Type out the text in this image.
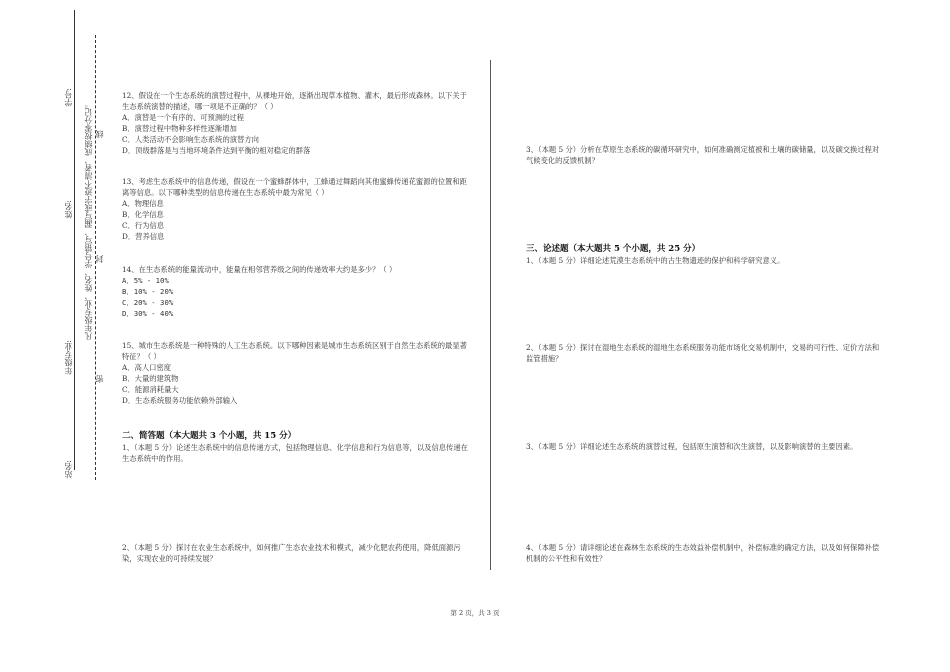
学号:
姓名:
年级专业:
站名:
凡年级专业、姓名、学号错写、漏写或字迹不清者，成绩按零分记。 线
封
密
12、假设在一个生态系统的演替过程中，从裸地开始，逐渐出现草本植物、灌木，最后形成森林。以下关于生态系统演替的描述，哪一项是不正确的？（ ）
A．演替是一个有序的、可预测的过程
B．演替过程中物种多样性逐渐增加
C．人类活动不会影响生态系统的演替方向
D．顶级群落是与当地环境条件达到平衡的相对稳定的群落
13、考虑生态系统中的信息传递，假设在一个蜜蜂群体中，工蜂通过舞蹈向其他蜜蜂传递花蜜源的位置和距离等信息。以下哪种类型的信息传递在生态系统中最为常见（ ）
A．物理信息
B．化学信息
C．行为信息
D．营养信息
14、在生态系统的能量流动中，能量在相邻营养级之间的传递效率大约是多少？（ ）
A．5% - 10%
B．10% - 20%
C．20% - 30%
D．30% - 40%
15、城市生态系统是一种特殊的人工生态系统。以下哪种因素是城市生态系统区别于自然生态系统的最显著特征？（ ）
A．高人口密度
B．大量的建筑物
C．能源消耗量大
D．生态系统服务功能依赖外部输入
二、简答题（本大题共 3 个小题，共 15 分）
1、（本题 5 分）论述生态系统中的信息传递方式，包括物理信息、化学信息和行为信息等，以及信息传递在生态系统中的作用。
2、（本题 5 分）探讨在农业生态系统中，如何推广生态农业技术和模式，减少化肥农药使用，降低面源污染，实现农业的可持续发展？
3、（本题 5 分）分析在草原生态系统的碳循环研究中，如何准确测定植被和土壤的碳储量，以及碳交换过程对气候变化的反馈机制？
三、论述题（本大题共 5 个小题，共 25 分）
1、（本题 5 分）详细论述荒漠生态系统中的古生物遗迹的保护和科学研究意义。
2、（本题 5 分）探讨在湿地生态系统的湿地生态系统服务功能市场化交易机制中，交易的可行性、定价方法和监管措施？
3、（本题 5 分）详细论述生态系统的演替过程，包括原生演替和次生演替，以及影响演替的主要因素。
4、（本题 5 分）请详细论述在森林生态系统的生态效益补偿机制中，补偿标准的确定方法，以及如何保障补偿机制的公平性和有效性？
第 2 页，共 3 页
